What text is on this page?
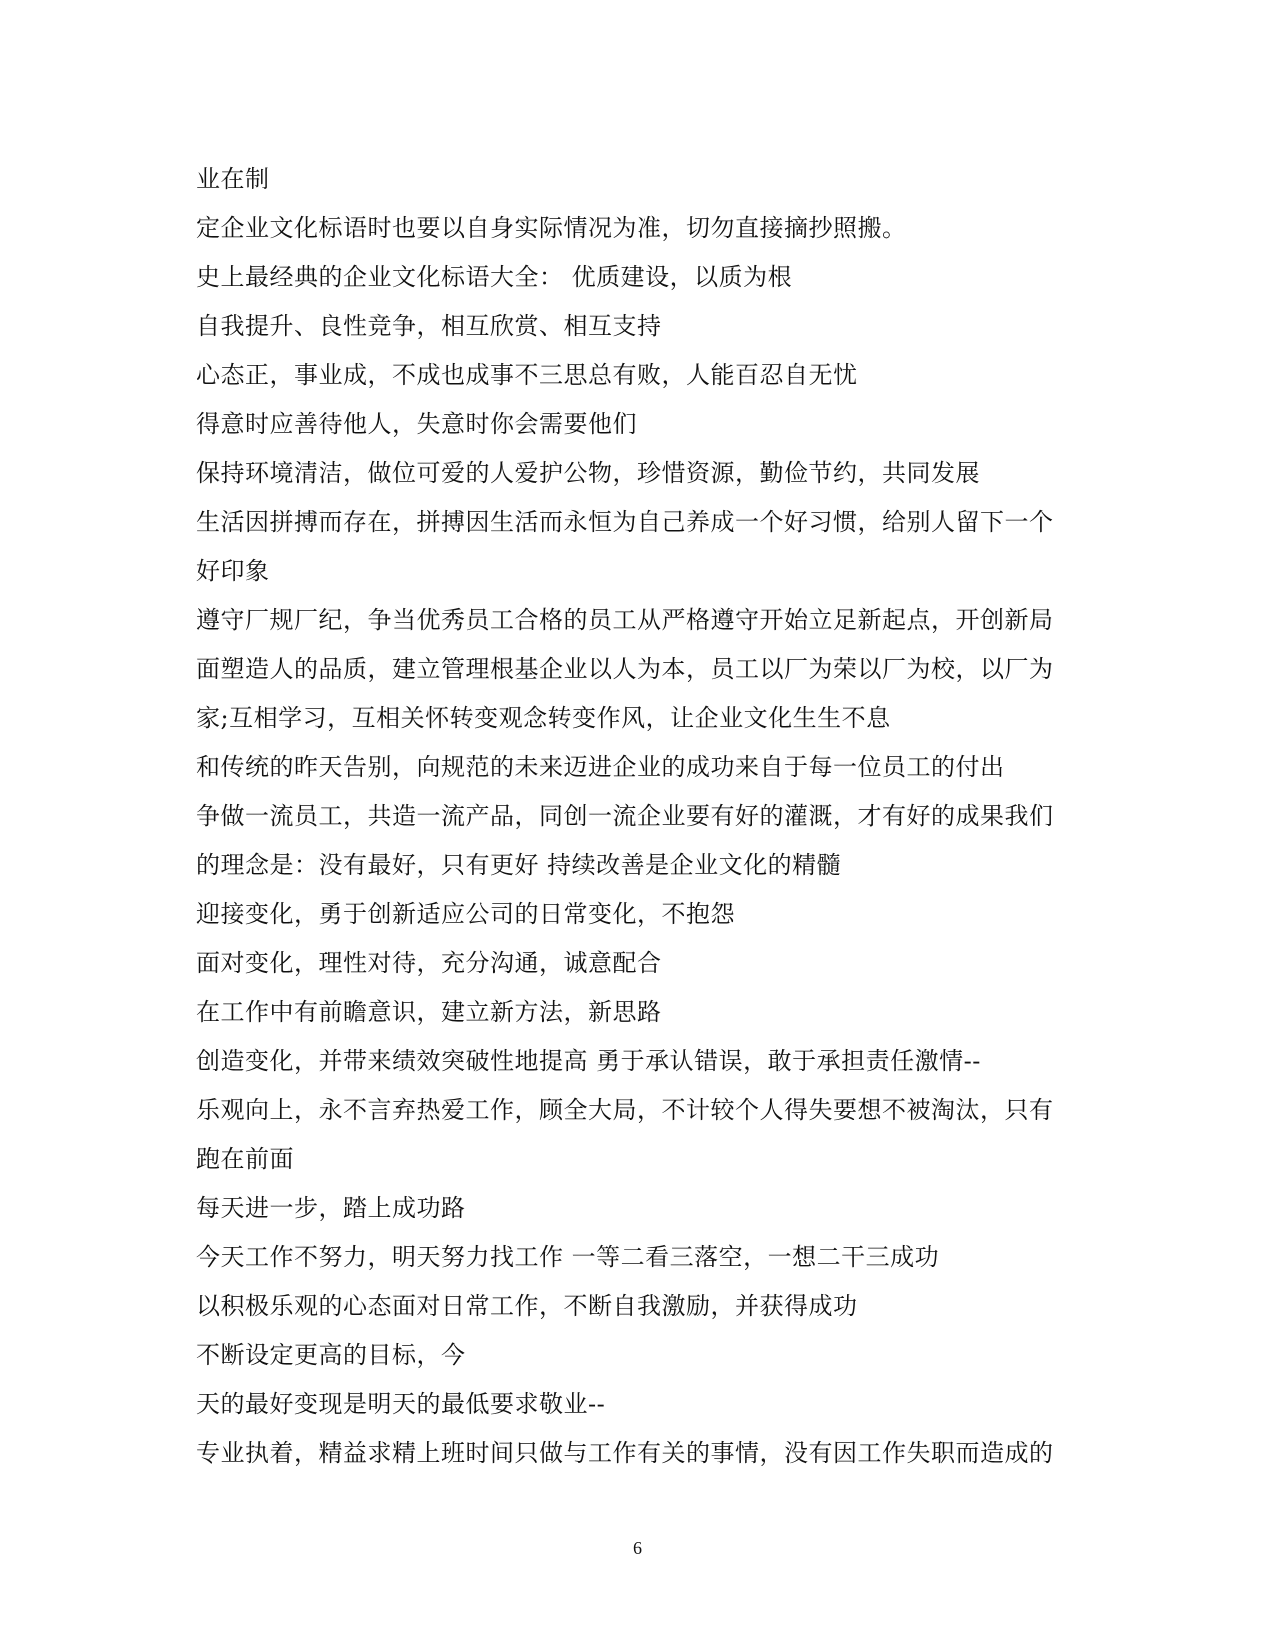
业在制
定企业文化标语时也要以自身实际情况为准，切勿直接摘抄照搬。
史上最经典的企业文化标语大全： 优质建设，以质为根
自我提升、良性竞争，相互欣赏、相互支持
心态正，事业成，不成也成事不三思总有败，人能百忍自无忧
得意时应善待他人，失意时你会需要他们
保持环境清洁，做位可爱的人爱护公物，珍惜资源，勤俭节约，共同发展
生活因拼搏而存在，拼搏因生活而永恒为自己养成一个好习惯，给别人留下一个
好印象
遵守厂规厂纪，争当优秀员工合格的员工从严格遵守开始立足新起点，开创新局
面塑造人的品质，建立管理根基企业以人为本，员工以厂为荣以厂为校，以厂为
家;互相学习，互相关怀转变观念转变作风，让企业文化生生不息
和传统的昨天告别，向规范的未来迈进企业的成功来自于每一位员工的付出
争做一流员工，共造一流产品，同创一流企业要有好的灌溉，才有好的成果我们
的理念是：没有最好，只有更好 持续改善是企业文化的精髓
迎接变化，勇于创新适应公司的日常变化，不抱怨
面对变化，理性对待，充分沟通，诚意配合
在工作中有前瞻意识，建立新方法，新思路
创造变化，并带来绩效突破性地提高 勇于承认错误，敢于承担责任激情--
乐观向上，永不言弃热爱工作，顾全大局，不计较个人得失要想不被淘汰，只有
跑在前面
每天进一步，踏上成功路
今天工作不努力，明天努力找工作 一等二看三落空，一想二干三成功
以积极乐观的心态面对日常工作，不断自我激励，并获得成功
不断设定更高的目标，今
天的最好变现是明天的最低要求敬业--
专业执着，精益求精上班时间只做与工作有关的事情，没有因工作失职而造成的
6
